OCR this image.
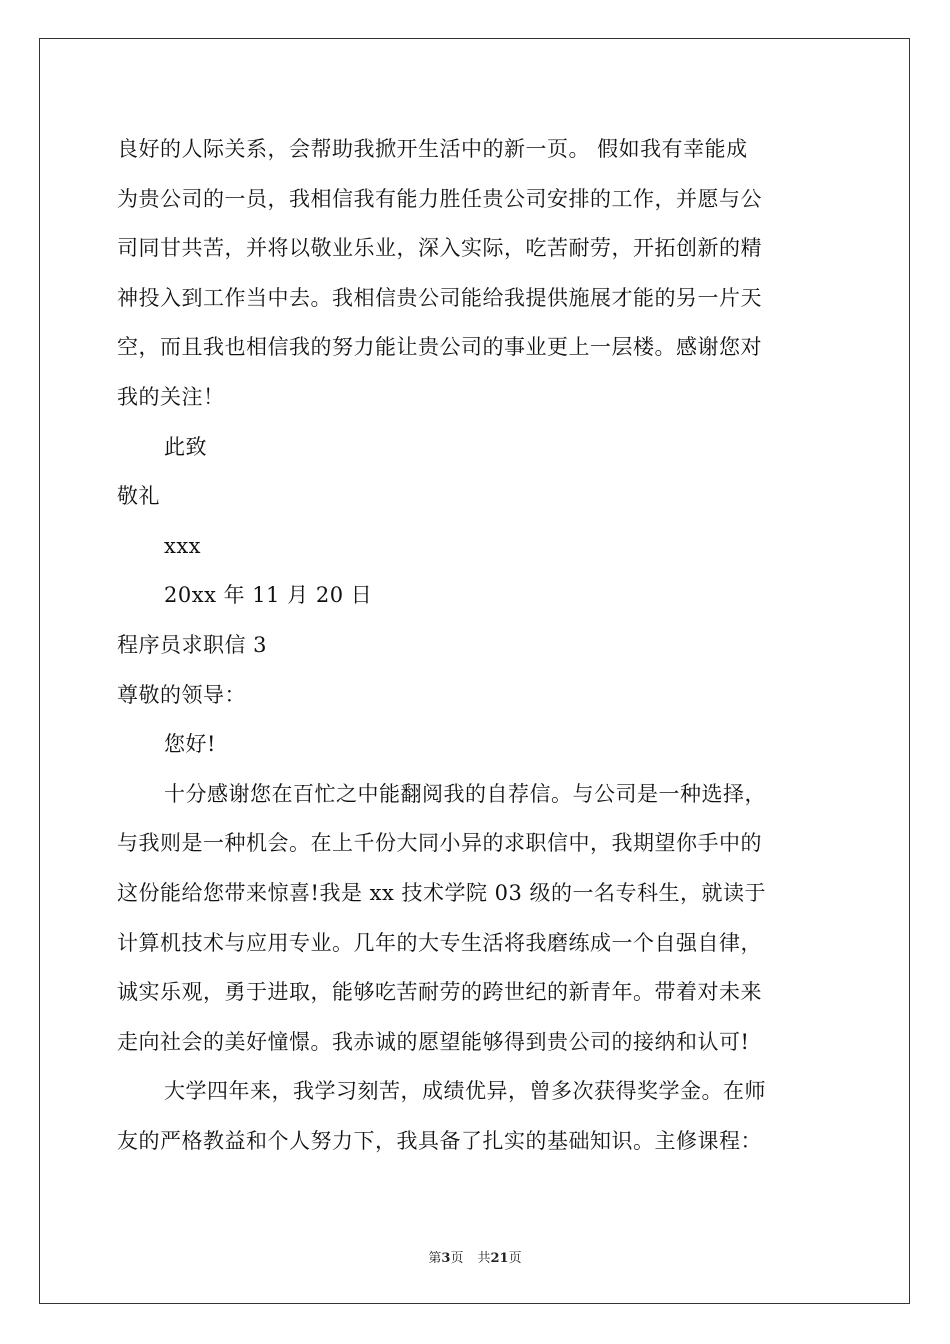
良好的人际关系，会帮助我掀开生活中的新一页。 假如我有幸能成
为贵公司的一员，我相信我有能力胜任贵公司安排的工作，并愿与公
司同甘共苦，并将以敬业乐业，深入实际，吃苦耐劳，开拓创新的精
神投入到工作当中去。我相信贵公司能给我提供施展才能的另一片天
空，而且我也相信我的努力能让贵公司的事业更上一层楼。感谢您对
我的关注！
此致
敬礼
xxx
20xx 年 11 月 20 日
程序员求职信 3
尊敬的领导：
您好!
十分感谢您在百忙之中能翻阅我的自荐信。与公司是一种选择，
与我则是一种机会。在上千份大同小异的求职信中，我期望你手中的
这份能给您带来惊喜!我是 xx 技术学院 03 级的一名专科生，就读于
计算机技术与应用专业。几年的大专生活将我磨练成一个自强自律，
诚实乐观，勇于进取，能够吃苦耐劳的跨世纪的新青年。带着对未来
走向社会的美好憧憬。我赤诚的愿望能够得到贵公司的接纳和认可!
大学四年来，我学习刻苦，成绩优异，曾多次获得奖学金。在师
友的严格教益和个人努力下，我具备了扎实的基础知识。主修课程：
第3页 共21页
